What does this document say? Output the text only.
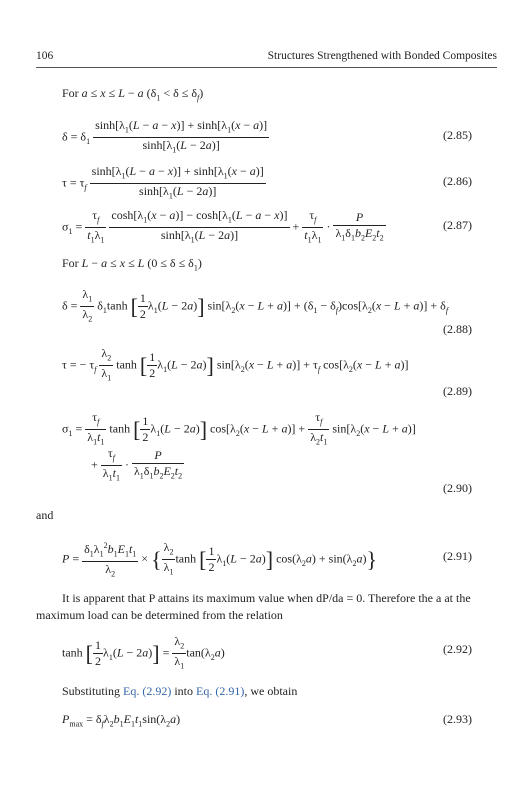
106	Structures Strengthened with Bonded Composites
For a ≤ x ≤ L − a $(\delta_1 < \delta \le \delta_f)$
$\delta = \delta_1 \frac{\sinh[\lambda_1(L - a - x)] + \sinh[\lambda_1(x - a)]}{\sinh[\lambda_1(L - 2a)]}$	(2.85)
$\tau = \tau_f \frac{\sinh[\lambda_1(L - a - x)] + \sinh[\lambda_1(x - a)]}{\sinh[\lambda_1(L - 2a)]}$	(2.86)
$\sigma_1 = \frac{\tau_f}{t_1\lambda_1}$
$\frac{\cosh[\lambda_1(x - a)] - \cosh[\lambda_1(L - a - x)]}{\sinh[\lambda_1(L - 2a)]} + \frac{\tau_f}{t_1\lambda_1} \cdot \frac{P}{\lambda_1\delta_1b_2E_2t_2}$	(2.87)
For L − a ≤ x ≤ L $(0 \le \delta \le \delta_1)$
$\delta = \frac{\lambda_1}{\lambda_2} \delta_1\tanh$ [ $\frac{1}{2} \lambda_1(L - 2a)$] $\sin[\lambda_2(x - L + a)] + (\delta_1 - \delta_f)\cos[\lambda_2(x - L + a)] + \delta_f$
(2.88)
τ = − $\tau_f \frac{\lambda_2}{\lambda_1}$ tanh [ $\frac{1}{2} \lambda_1(L - 2a)$] $\sin[\lambda_2(x - L + a)] + \tau_f$ $\cos[\lambda_2(x - L + a)]$
(2.89)
$\sigma_1 = \frac{\tau_f}{\lambda_1t_1}$ tanh [ $\frac{1}{2} \lambda_1(L - 2a)$] $\cos[\lambda_2(x - L + a)] + \frac{\tau_f}{\lambda_2t_1} \sin[\lambda_2(x - L + a)]$
+ $\frac{\tau_f}{\lambda_1t_1} \cdot \frac{P}{\lambda_1\delta_1b_2E_2t_2}$
(2.90)
and
$P = \frac{\delta_1\lambda_1^2b_1E_1t_1}{\lambda_2}$ × { $\frac{\lambda_2}{\lambda_1}$ tanh [ $\frac{1}{2} \lambda_1(L - 2a)$] $\cos(\lambda_2a) + \sin(\lambda_2a)$}	(2.91)
It is apparent that P attains its maximum value when dP/da = 0. Therefore the a at the maximum load can be determined from the relation
tanh [ $\frac{1}{2} \lambda_1(L - 2a)] = \frac{\lambda_2}{\lambda_1} \tan(\lambda_2a)$	(2.92)
Substituting Eq. (2.92) into Eq. (2.91), we obtain
$P_{max} = \delta_f\lambda_2b_1E_1t_1\sin(\lambda_2a)$	(2.93)
